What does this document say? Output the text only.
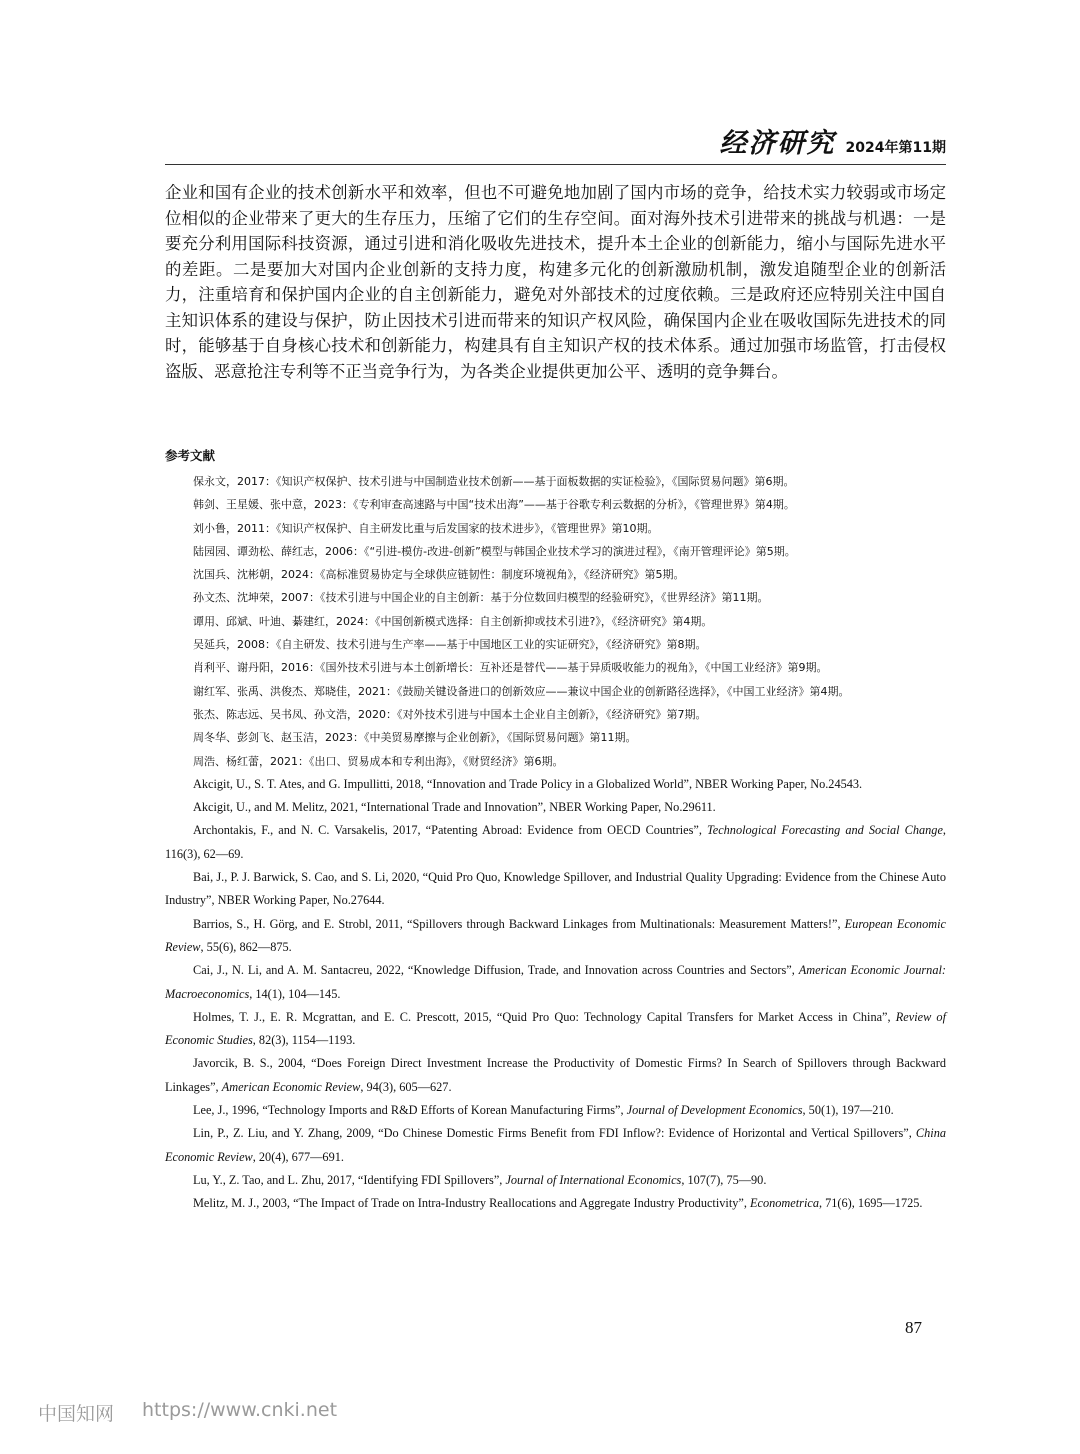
经济研究 2024年第11期

企业和国有企业的技术创新水平和效率，但也不可避免地加剧了国内市场的竞争，给技术实力较弱或市场定位相似的企业带来了更大的生存压力，压缩了它们的生存空间。面对海外技术引进带来的挑战与机遇：一是要充分利用国际科技资源，通过引进和消化吸收先进技术，提升本土企业的创新能力，缩小与国际先进水平的差距。二是要加大对国内企业创新的支持力度，构建多元化的创新激励机制，激发追随型企业的创新活力，注重培育和保护国内企业的自主创新能力，避免对外部技术的过度依赖。三是政府还应特别关注中国自主知识体系的建设与保护，防止因技术引进而带来的知识产权风险，确保国内企业在吸收国际先进技术的同时，能够基于自身核心技术和创新能力，构建具有自主知识产权的技术体系。通过加强市场监管，打击侵权盗版、恶意抢注专利等不正当竞争行为，为各类企业提供更加公平、透明的竞争舞台。

参考文献
保永文，2017：《知识产权保护、技术引进与中国制造业技术创新——基于面板数据的实证检验》，《国际贸易问题》第6期。
韩剑、王星媛、张中意，2023：《专利审查高速路与中国“技术出海”——基于谷歌专利云数据的分析》，《管理世界》第4期。
刘小鲁，2011：《知识产权保护、自主研发比重与后发国家的技术进步》，《管理世界》第10期。
陆园园、谭劲松、薛红志，2006：《“引进-模仿-改进-创新”模型与韩国企业技术学习的演进过程》，《南开管理评论》第5期。
沈国兵、沈彬朝，2024：《高标准贸易协定与全球供应链韧性：制度环境视角》，《经济研究》第5期。
孙文杰、沈坤荣，2007：《技术引进与中国企业的自主创新：基于分位数回归模型的经验研究》，《世界经济》第11期。
谭用、邱斌、叶迪、綦建红，2024：《中国创新模式选择：自主创新抑或技术引进?》，《经济研究》第4期。
吴延兵，2008：《自主研发、技术引进与生产率——基于中国地区工业的实证研究》，《经济研究》第8期。
肖利平、谢丹阳，2016：《国外技术引进与本土创新增长：互补还是替代——基于异质吸收能力的视角》，《中国工业经济》第9期。
谢红军、张禹、洪俊杰、郑晓佳，2021：《鼓励关键设备进口的创新效应——兼议中国企业的创新路径选择》，《中国工业经济》第4期。
张杰、陈志远、吴书凤、孙文浩，2020：《对外技术引进与中国本土企业自主创新》，《经济研究》第7期。
周冬华、彭剑飞、赵玉洁，2023：《中美贸易摩擦与企业创新》，《国际贸易问题》第11期。
周浩、杨红蕾，2021：《出口、贸易成本和专利出海》，《财贸经济》第6期。
Akcigit, U., S. T. Ates, and G. Impullitti, 2018, “Innovation and Trade Policy in a Globalized World”, NBER Working Paper, No.24543.
Akcigit, U., and M. Melitz, 2021, “International Trade and Innovation”, NBER Working Paper, No.29611.
Archontakis, F., and N. C. Varsakelis, 2017, “Patenting Abroad: Evidence from OECD Countries”, Technological Forecasting and Social Change, 116(3), 62—69.
Bai, J., P. J. Barwick, S. Cao, and S. Li, 2020, “Quid Pro Quo, Knowledge Spillover, and Industrial Quality Upgrading: Evidence from the Chinese Auto Industry”, NBER Working Paper, No.27644.
Barrios, S., H. Görg, and E. Strobl, 2011, “Spillovers through Backward Linkages from Multinationals: Measurement Matters!”, European Economic Review, 55(6), 862—875.
Cai, J., N. Li, and A. M. Santacreu, 2022, “Knowledge Diffusion, Trade, and Innovation across Countries and Sectors”, American Economic Journal: Macroeconomics, 14(1), 104—145.
Holmes, T. J., E. R. Mcgrattan, and E. C. Prescott, 2015, “Quid Pro Quo: Technology Capital Transfers for Market Access in China”, Review of Economic Studies, 82(3), 1154—1193.
Javorcik, B. S., 2004, “Does Foreign Direct Investment Increase the Productivity of Domestic Firms? In Search of Spillovers through Backward Linkages”, American Economic Review, 94(3), 605—627.
Lee, J., 1996, “Technology Imports and R&D Efforts of Korean Manufacturing Firms”, Journal of Development Economics, 50(1), 197—210.
Lin, P., Z. Liu, and Y. Zhang, 2009, “Do Chinese Domestic Firms Benefit from FDI Inflow?: Evidence of Horizontal and Vertical Spillovers”, China Economic Review, 20(4), 677—691.
Lu, Y., Z. Tao, and L. Zhu, 2017, “Identifying FDI Spillovers”, Journal of International Economics, 107(7), 75—90.
Melitz, M. J., 2003, “The Impact of Trade on Intra-Industry Reallocations and Aggregate Industry Productivity”, Econometrica, 71(6), 1695—1725.
87
中国知网 https://www.cnki.net
